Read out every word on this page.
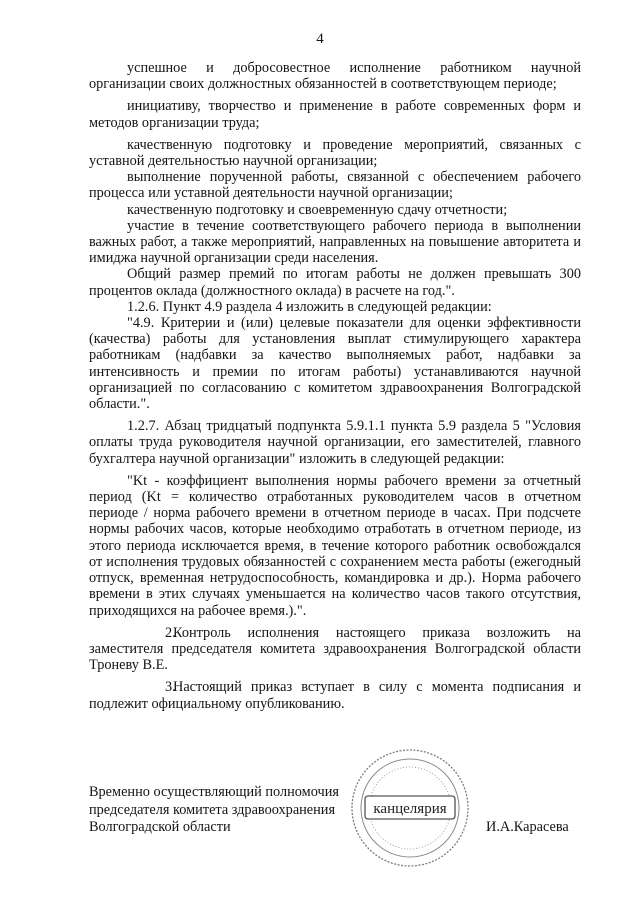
4

успешное и добросовестное исполнение работником научной организации своих должностных обязанностей в соответствующем периоде;

инициативу, творчество и применение в работе современных форм и методов организации труда;

качественную подготовку и проведение мероприятий, связанных с уставной деятельностью научной организации;

выполнение порученной работы, связанной с обеспечением рабочего процесса или уставной деятельности научной организации;

качественную подготовку и своевременную сдачу отчетности;

участие в течение соответствующего рабочего периода в выполнении важных работ, а также мероприятий, направленных на повышение авторитета и имиджа научной организации среди населения.

Общий размер премий по итогам работы не должен превышать 300 процентов оклада (должностного оклада) в расчете на год.".

1.2.6. Пункт 4.9 раздела 4 изложить в следующей редакции:

"4.9. Критерии и (или) целевые показатели для оценки эффективности (качества) работы для установления выплат стимулирующего характера работникам (надбавки за качество выполняемых работ, надбавки за интенсивность и премии по итогам работы) устанавливаются научной организацией по согласованию с комитетом здравоохранения Волгоградской области.".

1.2.7. Абзац тридцатый подпункта 5.9.1.1 пункта 5.9 раздела 5 "Условия оплаты труда руководителя научной организации, его заместителей, главного бухгалтера научной организации" изложить в следующей редакции:

"Kt - коэффициент выполнения нормы рабочего времени за отчетный период (Kt = количество отработанных руководителем часов в отчетном периоде / норма рабочего времени в отчетном периоде в часах. При подсчете нормы рабочих часов, которые необходимо отработать в отчетном периоде, из этого периода исключается время, в течение которого работник освобождался от исполнения трудовых обязанностей с сохранением места работы (ежегодный отпуск, временная нетрудоспособность, командировка и др.). Норма рабочего времени в этих случаях уменьшается на количество часов такого отсутствия, приходящихся на рабочее время.).".

2.Контроль исполнения настоящего приказа возложить на заместителя председателя комитета здравоохранения Волгоградской области Троневу В.Е.

3.Настоящий приказ вступает в силу с момента подписания и подлежит официальному опубликованию.

Временно осуществляющий полномочия
председателя комитета здравоохранения
Волгоградской области
канцелярия
И.А.Карасева
